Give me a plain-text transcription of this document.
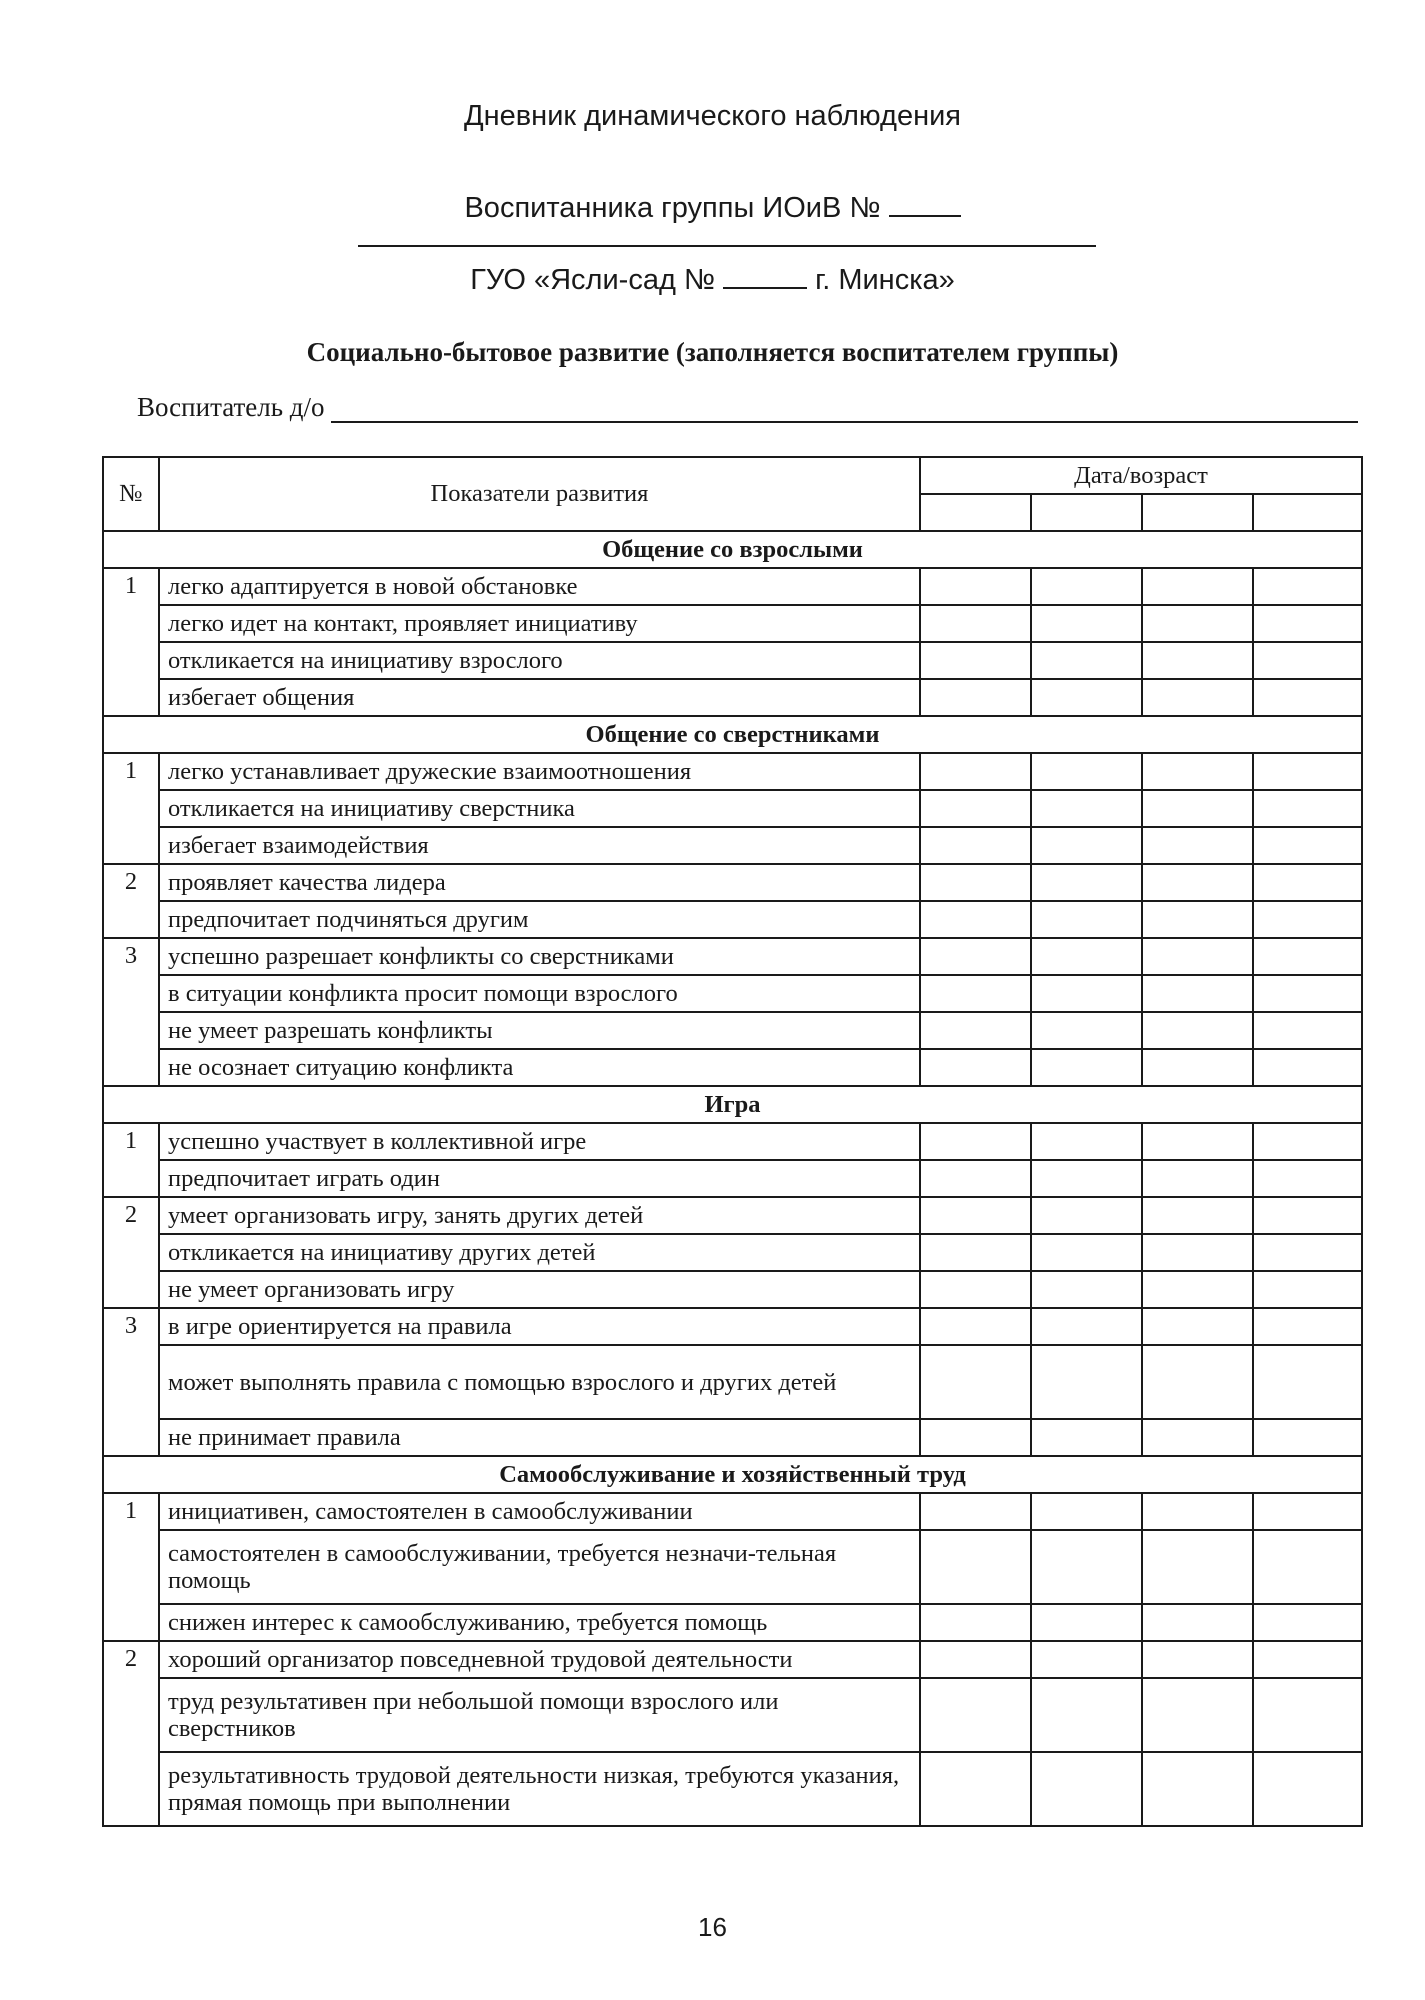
Дневник динамического наблюдения
Воспитанника группы ИОиВ №
ГУО «Ясли-сад №	г. Минска»
Социально-бытовое развитие (заполняется воспитателем группы)
Воспитатель д/о
№	Показатели развития	Дата/возраст			

Общение со взрослыми					
1	легко адаптируется в новой обстановке				
	легко идет на контакт, проявляет инициативу				
	откликается на инициативу взрослого				
	избегает общения				
Общение со сверстниками					
1	легко устанавливает дружеские взаимоотношения				
	откликается на инициативу сверстника				
	избегает взаимодействия				
2	проявляет качества лидера				
	предпочитает подчиняться другим				
3	успешно разрешает конфликты со сверстниками				
	в ситуации конфликта просит помощи взрослого				
	не умеет разрешать конфликты				
	не осознает ситуацию конфликта				
Игра					
1	успешно участвует в коллективной игре				
	предпочитает играть один				
2	умеет организовать игру, занять других детей				
	откликается на инициативу других детей				
	не умеет организовать игру				
3	в игре ориентируется на правила				
	может выполнять правила с помощью взрослого и других детей				
	не принимает правила				
Самообслуживание и хозяйственный труд					
1	инициативен, самостоятелен в самообслуживании				
	самостоятелен в самообслуживании, требуется незначи-тельная помощь				
	снижен интерес к самообслуживанию, требуется помощь				
2	хороший организатор повседневной трудовой деятельности				
	труд результативен при небольшой помощи взрослого или сверстников				
	результативность трудовой деятельности низкая, требуются указания, прямая помощь при выполнении				
16
